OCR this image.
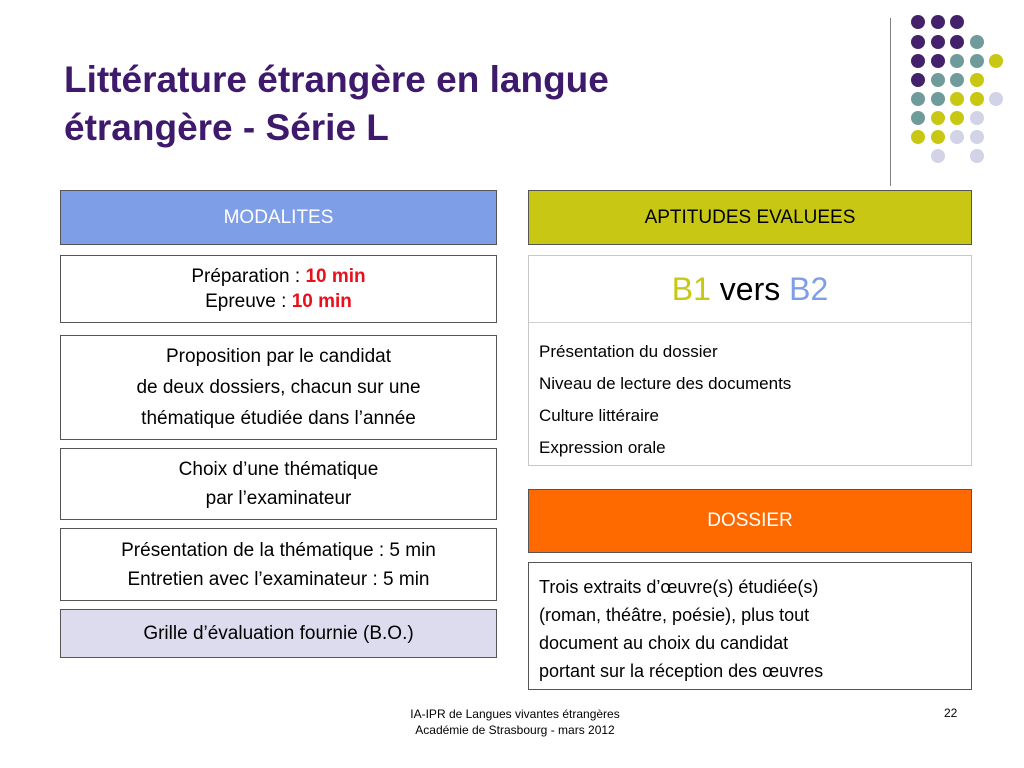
Littérature étrangère en langue
étrangère - Série L
MODALITES
Préparation : 10 min
Epreuve : 10 min
Proposition par le candidat
de deux dossiers, chacun sur une
thématique étudiée dans l’année
Choix d’une thématique
par l’examinateur
Présentation de la thématique : 5 min
Entretien avec l’examinateur : 5 min
Grille d’évaluation fournie (B.O.)
APTITUDES EVALUEES
B1
vers
B2
Présentation du dossier
Niveau de lecture des documents
Culture littéraire
Expression orale
DOSSIER
Trois extraits d’œuvre(s) étudiée(s)
(roman, théâtre, poésie), plus tout
document au choix du candidat
portant sur la réception des œuvres
IA-IPR de Langues vivantes étrangères
Académie de Strasbourg - mars 2012
22
